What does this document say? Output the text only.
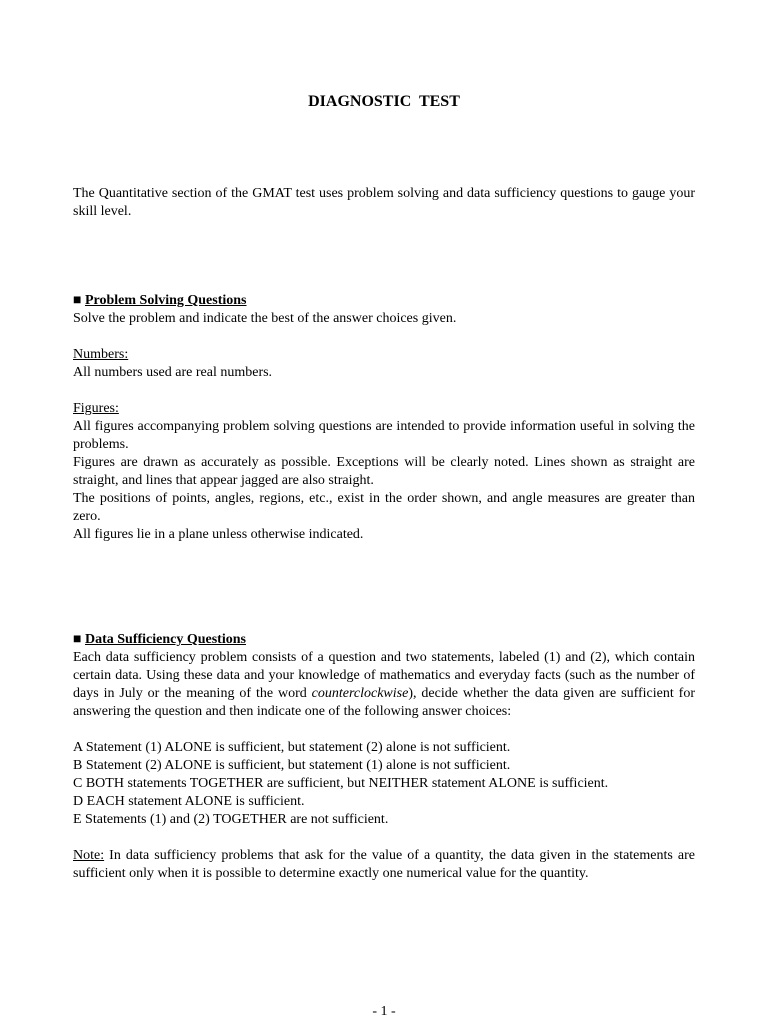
DIAGNOSTIC TEST

The Quantitative section of the GMAT test uses problem solving and data sufficiency questions to gauge your skill level.

■ Problem Solving Questions

Solve the problem and indicate the best of the answer choices given.

Numbers:

All numbers used are real numbers.

Figures:

All figures accompanying problem solving questions are intended to provide information useful in solving the problems.

Figures are drawn as accurately as possible. Exceptions will be clearly noted. Lines shown as straight are straight, and lines that appear jagged are also straight.

The positions of points, angles, regions, etc., exist in the order shown, and angle measures are greater than zero.

All figures lie in a plane unless otherwise indicated.

■ Data Sufficiency Questions

Each data sufficiency problem consists of a question and two statements, labeled (1) and (2), which contain certain data. Using these data and your knowledge of mathematics and everyday facts (such as the number of days in July or the meaning of the word counterclockwise), decide whether the data given are sufficient for answering the question and then indicate one of the following answer choices:

A Statement (1) ALONE is sufficient, but statement (2) alone is not sufficient.

B Statement (2) ALONE is sufficient, but statement (1) alone is not sufficient.

C BOTH statements TOGETHER are sufficient, but NEITHER statement ALONE is sufficient.

D EACH statement ALONE is sufficient.

E Statements (1) and (2) TOGETHER are not sufficient.

Note: In data sufficiency problems that ask for the value of a quantity, the data given in the statements are sufficient only when it is possible to determine exactly one numerical value for the quantity.

- 1 -
